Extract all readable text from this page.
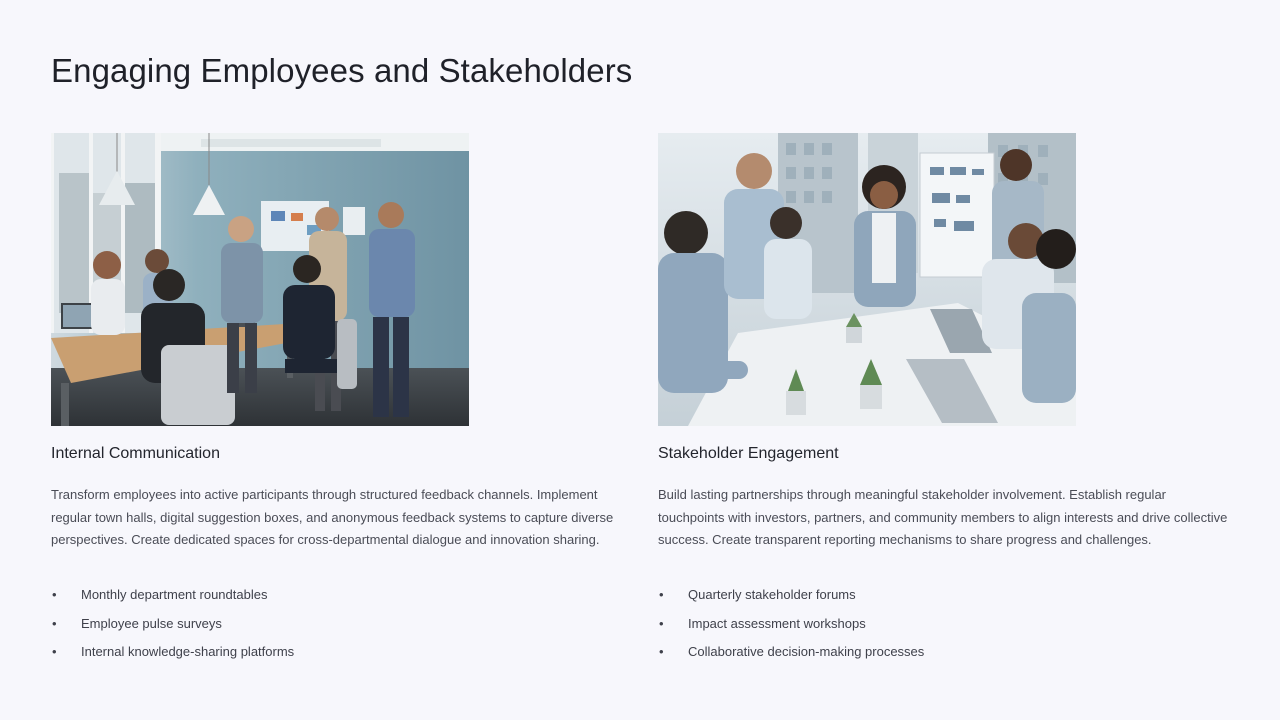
Engaging Employees and Stakeholders
Internal Communication

Transform employees into active participants through structured feedback channels. Implement regular town halls, digital suggestion boxes, and anonymous feedback systems to capture diverse perspectives. Create dedicated spaces for cross-departmental dialogue and innovation sharing.

• Monthly department roundtables
• Employee pulse surveys
• Internal knowledge-sharing platforms
Stakeholder Engagement

Build lasting partnerships through meaningful stakeholder involvement. Establish regular touchpoints with investors, partners, and community members to align interests and drive collective success. Create transparent reporting mechanisms to share progress and challenges.

• Quarterly stakeholder forums
• Impact assessment workshops
• Collaborative decision-making processes
